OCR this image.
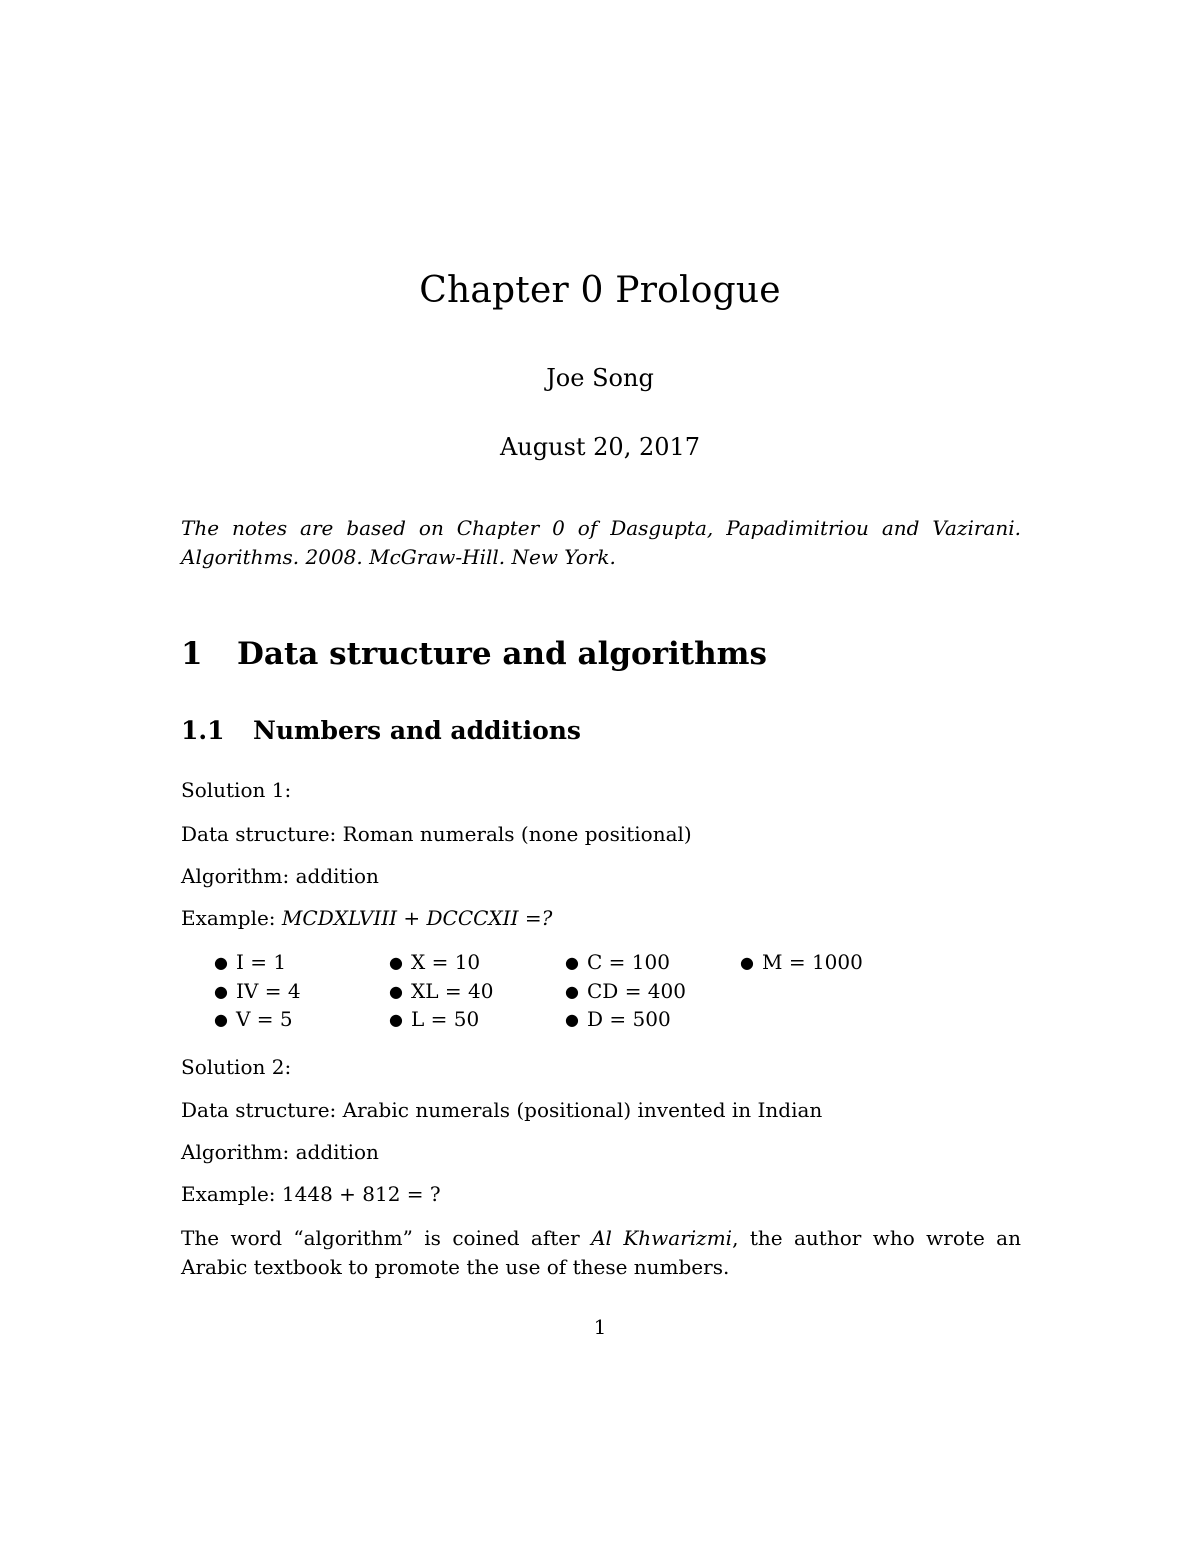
Chapter 0 Prologue
Joe Song
August 20, 2017
The notes are based on Chapter 0 of Dasgupta, Papadimitriou and Vazirani. Algorithms. 2008. McGraw-Hill. New York.
1 Data structure and algorithms
1.1 Numbers and additions
Solution 1:
Data structure: Roman numerals (none positional)
Algorithm: addition
Example: MCDXLVIII + DCCCXII =?
● I = 1
● IV = 4
● V = 5
● X = 10
● XL = 40
● L = 50
● C = 100
● CD = 400
● D = 500
● M = 1000
Solution 2:
Data structure: Arabic numerals (positional) invented in Indian
Algorithm: addition
Example: 1448 + 812 = ?
The word “algorithm” is coined after Al Khwarizmi, the author who wrote an Arabic textbook to promote the use of these numbers.
1
